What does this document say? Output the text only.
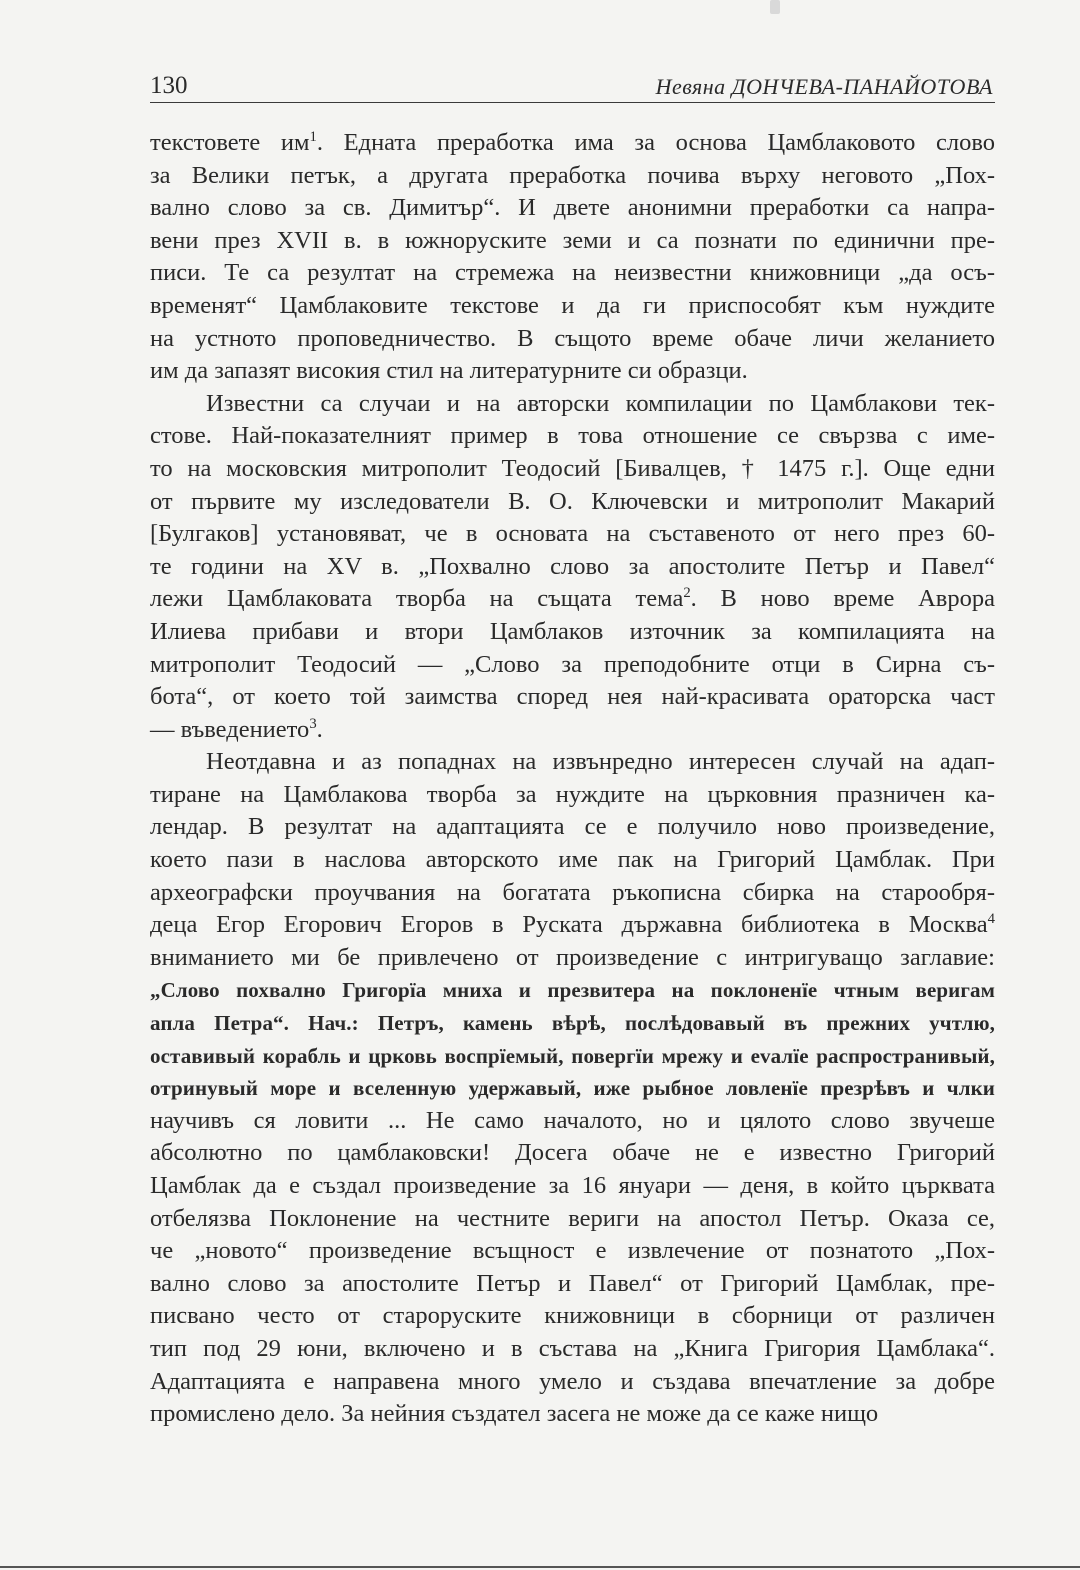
130	Невяна ДОНЧЕВА-ПАНАЙОТОВА
текстовете $им^1$. Едната преработка има за основа Цамблаковото слово
за Велики петък, а другата преработка почива върху неговото „Пох-
вално слово за св. Димитър“. И двете анонимни преработки са напра-
вени през XVII в. в южноруските земи и са познати по единични пре-
писи. Те са резултат на стремежа на неизвестни книжовници „да осъ-
временят“ Цамблаковите текстове и да ги приспособят към нуждите
на устното проповедничество. В същото време обаче личи желанието
им да запазят високия стил на литературните си образци.
Известни са случаи и на авторски компилации по Цамблакови тек-
стове. Най-показателният пример в това отношение се свързва с име-
то на московския митрополит Теодосий [Бивалцев, † 1475 г.]. Още едни
от първите му изследователи В. О. Ключевски и митрополит Макарий
[Булгаков] установяват, че в основата на съставеното от него през 60-
те години на XV в. „Похвално слово за апостолите Петър и Павел“
лежи Цамблаковата творба на същата тема$^2$. В ново време Аврора
Илиева прибави и втори Цамблаков източник за компилацията на
митрополит Теодосий — „Слово за преподобните отци в Сирна съ-
бота“, от което той заимства според нея най-красивата ораторска част
— въведението$^3$.
Неотдавна и аз попаднах на извънредно интересен случай на адап-
тиране на Цамблакова творба за нуждите на църковния празничен ка-
лендар. В резултат на адаптацията се е получило ново произведение,
което пази в наслова авторското име пак на Григорий Цамблак. При
археографски проучвания на богатата ръкописна сбирка на старообря-
деца Егор Егорович Егоров в Руската държавна библиотека в Москва$^4$
вниманието ми бе привлечено от произведение с интригуващо заглавие:
„Слово похвално Григорїа мниха и презвитера на поклоненїе чтным веригам
апла Петра“. Нач.: Петръ, камень вѣрѣ, послѣдовавый въ прежних учтлю,
оставивый корабль и црковь воспрїемый, повергїи мрежу и еvалїе распространивый,
отринувый море и вселенную удержавый, иже рыбное ловленїе презрѣвъ и члки
научивъ ся ловити ... Не само началото, но и цялото слово звучеше
абсолютно по цамблаковски! Досега обаче не е известно Григорий
Цамблак да е създал произведение за 16 януари — деня, в който църквата
отбелязва Поклонение на честните вериги на апостол Петър. Оказа се,
че „новото“ произведение всъщност е извлечение от познатото „Пох-
вално слово за апостолите Петър и Павел“ от Григорий Цамблак, пре-
писвано често от староруските книжовници в сборници от различен
тип под 29 юни, включено и в състава на „Книга Григория Цамблака“.
Адаптацията е направена много умело и създава впечатление за добре
промислено дело. За нейния създател засега не може да се каже нищо
